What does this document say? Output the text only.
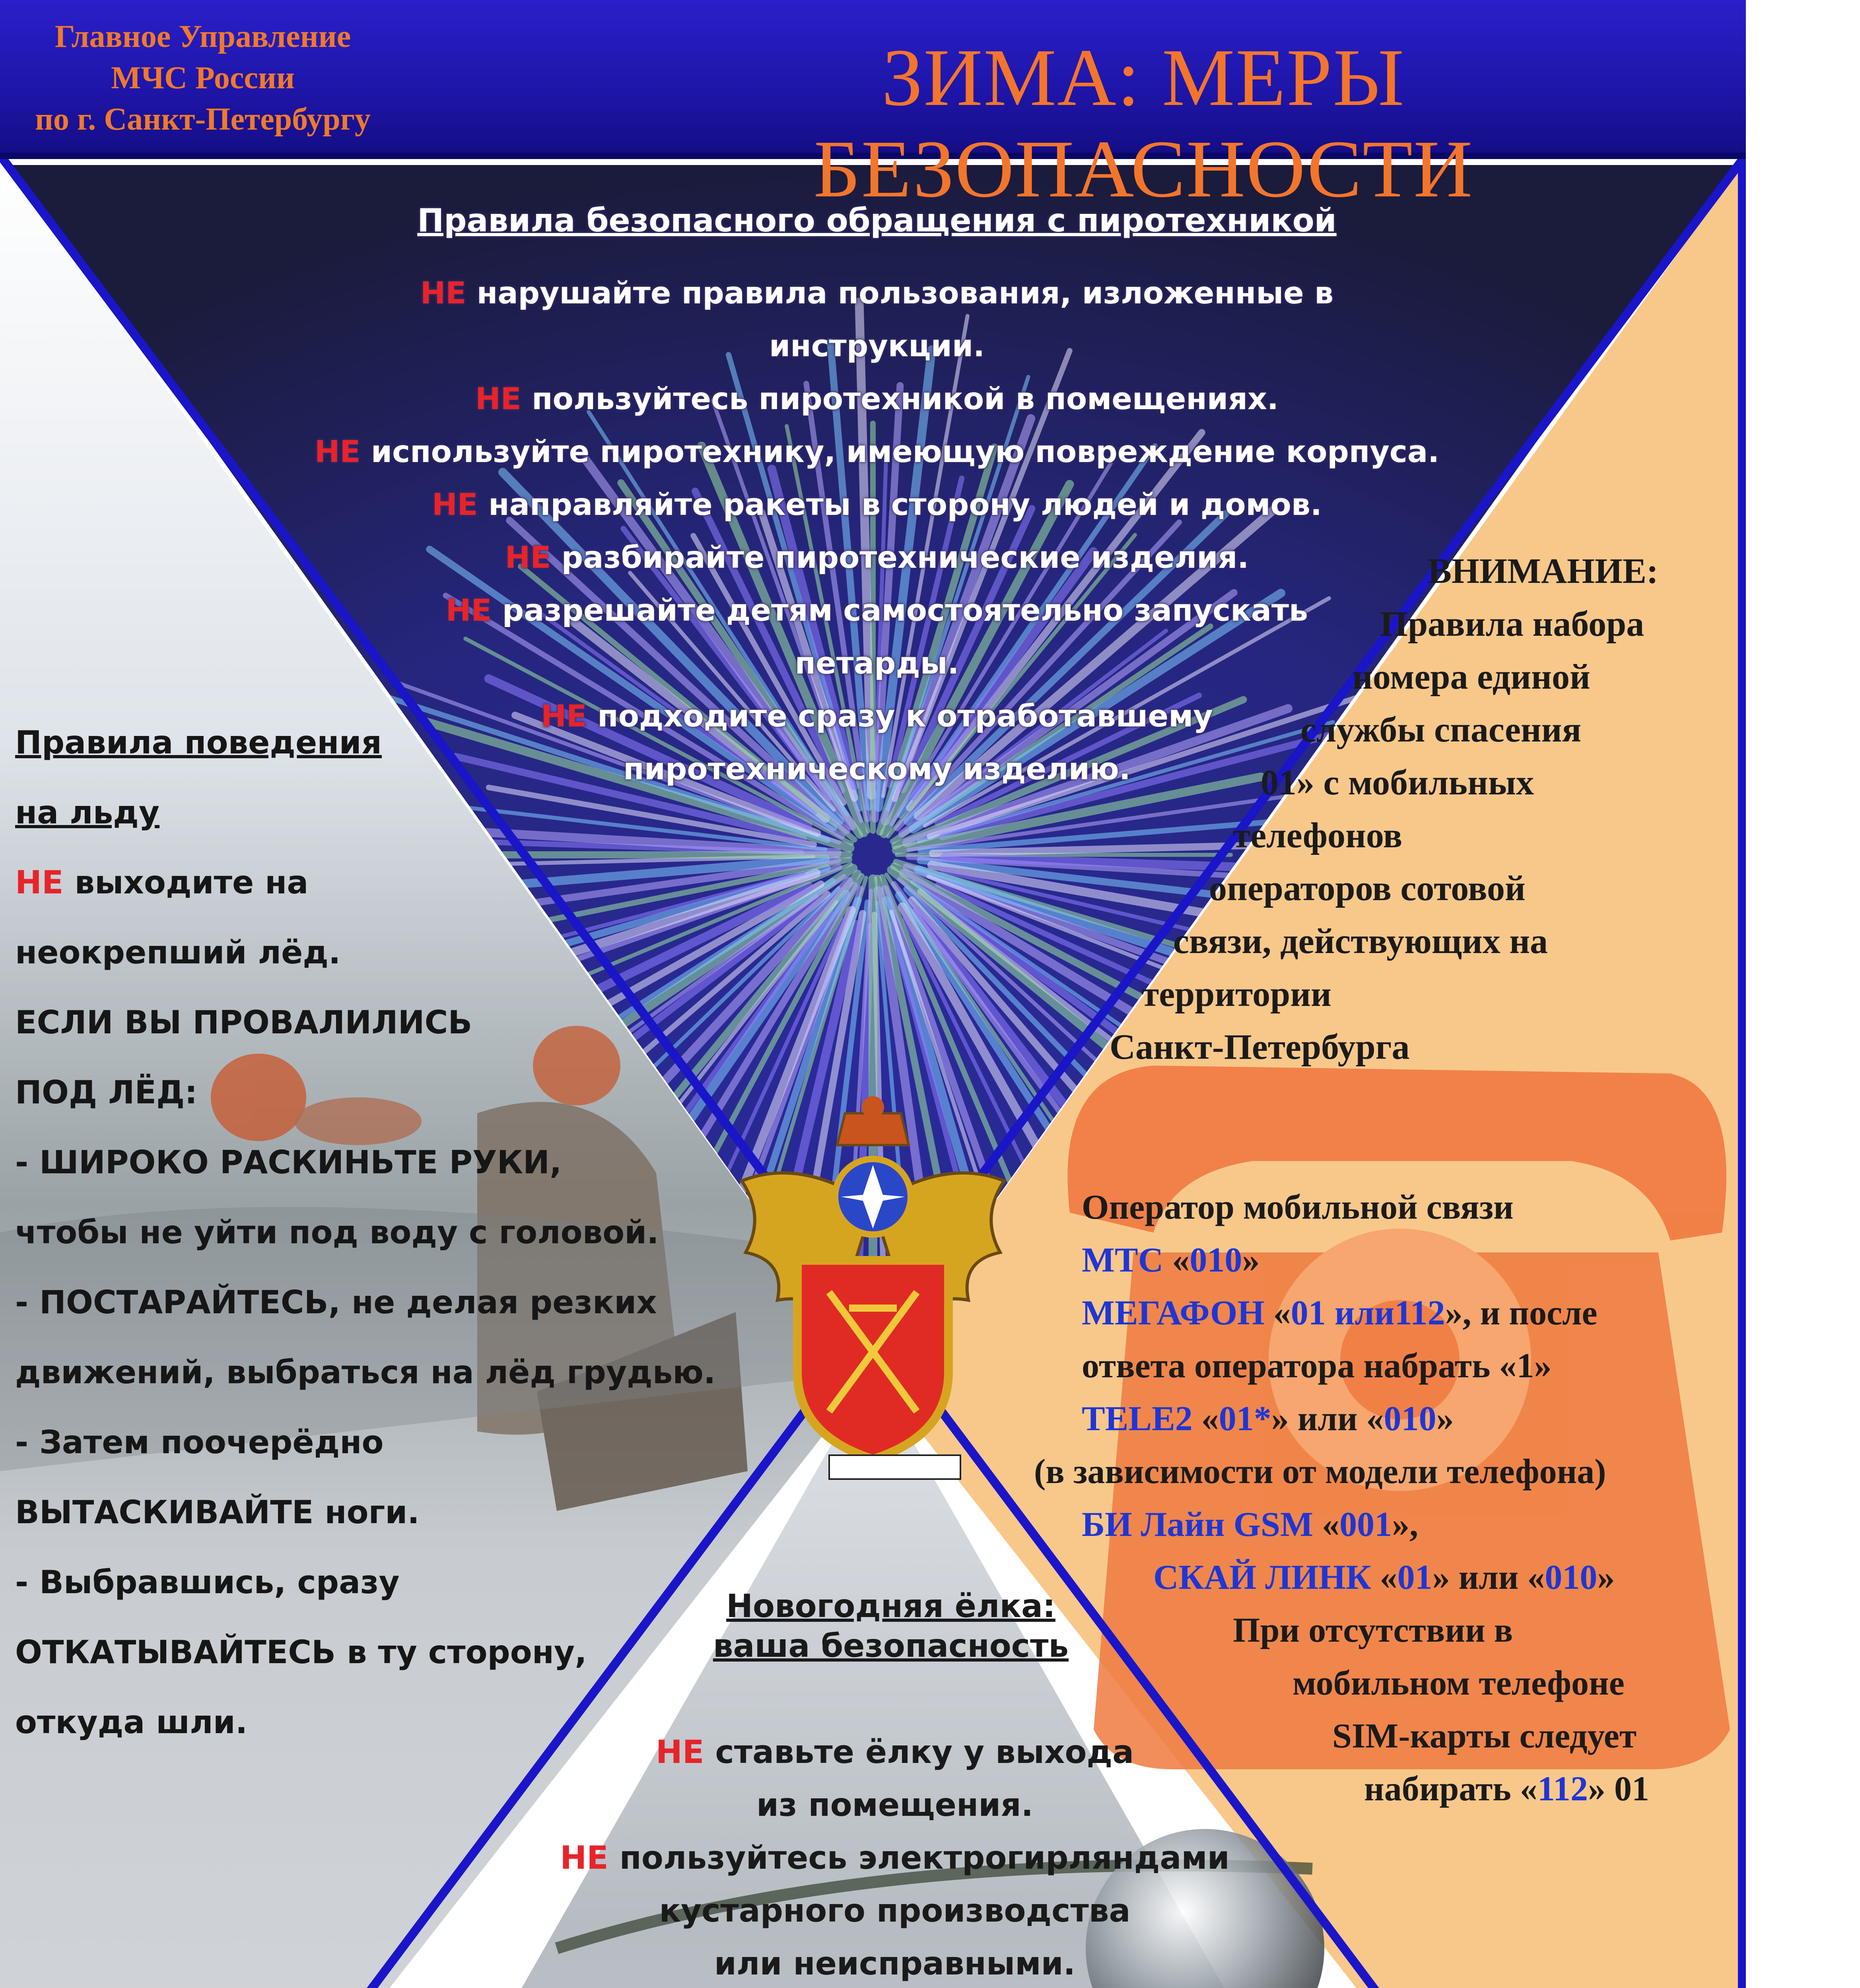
Главное Управление
МЧС России
по г. Санкт-Петербургу	ЗИМА: МЕРЫ БЕЗОПАСНОСТИ
Правила безопасного обращения с пиротехникой
НЕ нарушайте правила пользования, изложенные в инструкции.
НЕ пользуйтесь пиротехникой в помещениях.
НЕ используйте пиротехнику, имеющую повреждение корпуса.
НЕ направляйте ракеты в сторону людей и домов.
НЕ разбирайте пиротехнические изделия.
НЕ разрешайте детям самостоятельно запускать
петарды.
НЕ подходите сразу к отработавшему
пиротехническому изделию.
ВНИМАНИЕ:
Правила набора
номера единой
службы спасения
01» с мобильных
телефонов
операторов сотовой
связи, действующих на
территории
Санкт-Петербурга
Правила поведения
на льду
НЕ выходите на
неокрепший лёд.
ЕСЛИ ВЫ ПРОВАЛИЛИСЬ
ПОД ЛЁД:
- ШИРОКО РАСКИНЬТЕ РУКИ,
чтобы не уйти под воду с головой.
- ПОСТАРАЙТЕСЬ, не делая резких
движений, выбраться на лёд грудью.
- Затем поочерёдно
ВЫТАСКИВАЙТЕ ноги.
- Выбравшись, сразу
ОТКАТЫВАЙТЕСЬ в ту сторону,
откуда шли.
Оператор мобильной связи
МТС «010»
МЕГАФОН «01 или112», и после
ответа оператора набрать «1»
TELE2 «01*» или «010»
(в зависимости от модели телефона)
БИ Лайн GSM «001»,
СКАЙ ЛИНК «01» или «010»
При отсутствии в
мобильном телефоне
SIM-карты следует
набирать «112» 01
Новогодняя ёлка:
ваша безопасность
НЕ ставьте ёлку у выхода
из помещения.
НЕ пользуйтесь электрогирляндами
кустарного производства
или неисправными.
